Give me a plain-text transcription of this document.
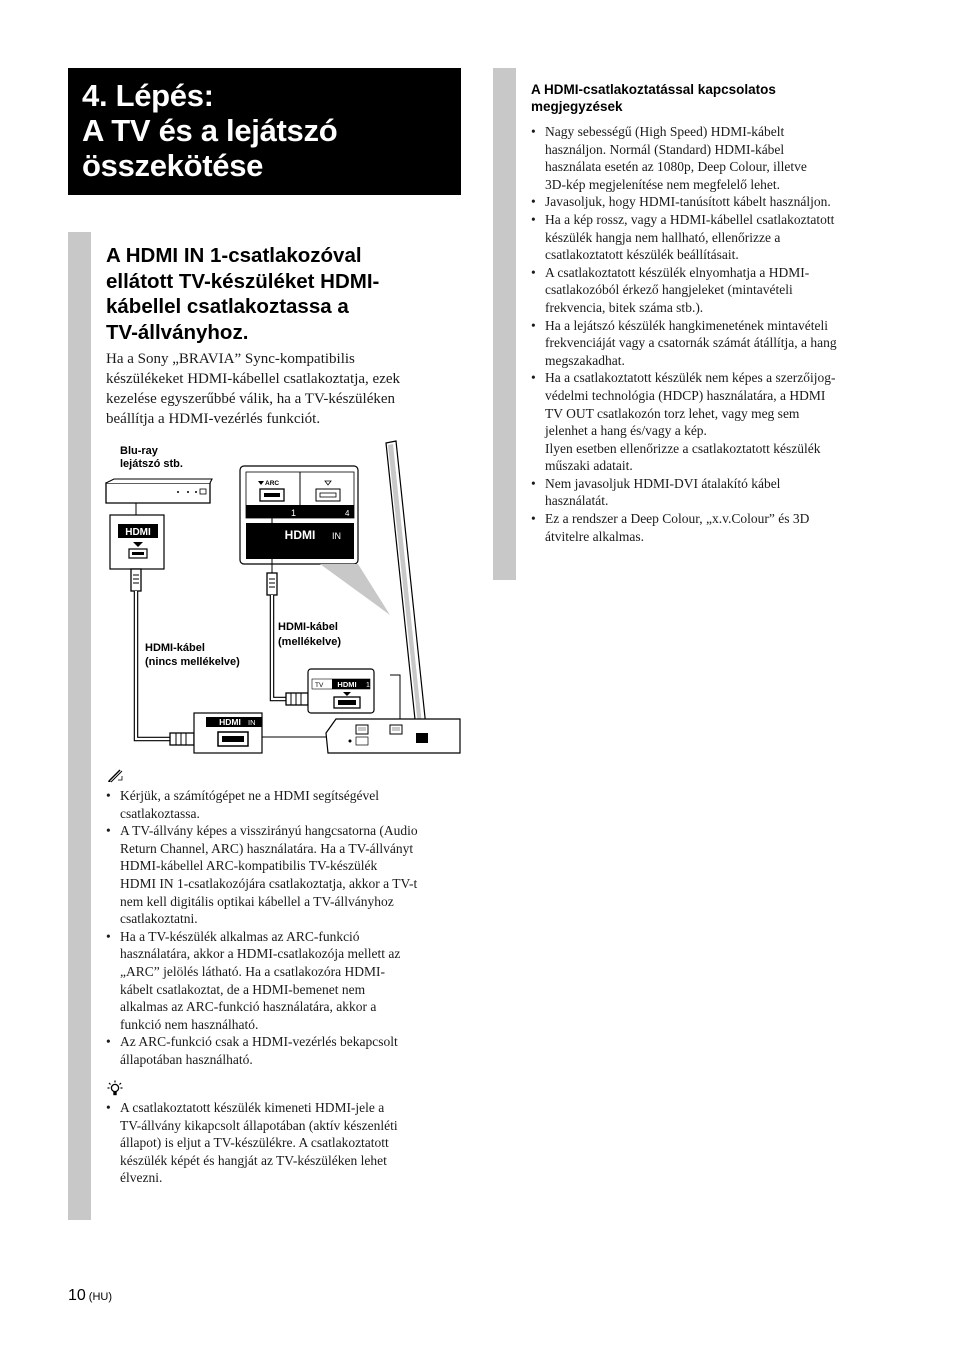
4. Lépés:
A TV és a lejátszó
összekötése
A HDMI IN 1-csatlakozóval
ellátott TV-készüléket HDMI-
kábellel csatlakoztassa a
TV-állványhoz.
Ha a Sony „BRAVIA” Sync-kompatibilis
készülékeket HDMI-kábellel csatlakoztatja, ezek
kezelése egyszerűbbé válik, ha a TV-készüléken
beállítja a HDMI-vezérlés funkciót.
Blu-ray
lejátszó stb.
HDMI
HDMI-kábel
(nincs mellékelve)
HDMI IN
1	4
ARC
HDMI IN
HDMI-kábel
(mellékelve)
TV HDMI 1
• Kérjük, a számítógépet ne a HDMI segítségével
csatlakoztassa.
• A TV-állvány képes a visszirányú hangcsatorna (Audio
Return Channel, ARC) használatára. Ha a TV-állványt
HDMI-kábellel ARC-kompatibilis TV-készülék
HDMI IN 1-csatlakozójára csatlakoztatja, akkor a TV-t
nem kell digitális optikai kábellel a TV-állványhoz
csatlakoztatni.
• Ha a TV-készülék alkalmas az ARC-funkció
használatára, akkor a HDMI-csatlakozója mellett az
„ARC” jelölés látható. Ha a csatlakozóra HDMI-
kábelt csatlakoztat, de a HDMI-bemenet nem
alkalmas az ARC-funkció használatára, akkor a
funkció nem használható.
• Az ARC-funkció csak a HDMI-vezérlés bekapcsolt
állapotában használható.
• A csatlakoztatott készülék kimeneti HDMI-jele a
TV-állvány kikapcsolt állapotában (aktív készenléti
állapot) is eljut a TV-készülékre. A csatlakoztatott
készülék képét és hangját az TV-készüléken lehet
élvezni.
A HDMI-csatlakoztatással kapcsolatos
megjegyzések
• Nagy sebességű (High Speed) HDMI-kábelt
használjon. Normál (Standard) HDMI-kábel
használata esetén az 1080p, Deep Colour, illetve
3D-kép megjelenítése nem megfelelő lehet.
• Javasoljuk, hogy HDMI-tanúsított kábelt használjon.
• Ha a kép rossz, vagy a HDMI-kábellel csatlakoztatott
készülék hangja nem hallható, ellenőrizze a
csatlakoztatott készülék beállításait.
• A csatlakoztatott készülék elnyomhatja a HDMI-
csatlakozóból érkező hangjeleket (mintavételi
frekvencia, bitek száma stb.).
• Ha a lejátszó készülék hangkimenetének mintavételi
frekvenciáját vagy a csatornák számát átállítja, a hang
megszakadhat.
• Ha a csatlakoztatott készülék nem képes a szerzőijog-
védelmi technológia (HDCP) használatára, a HDMI
TV OUT csatlakozón torz lehet, vagy meg sem
jelenhet a hang és/vagy a kép.
Ilyen esetben ellenőrizze a csatlakoztatott készülék
műszaki adatait.
• Nem javasoljuk HDMI-DVI átalakító kábel
használatát.
• Ez a rendszer a Deep Colour, „x.v.Colour” és 3D
átvitelre alkalmas.
10 (HU)
